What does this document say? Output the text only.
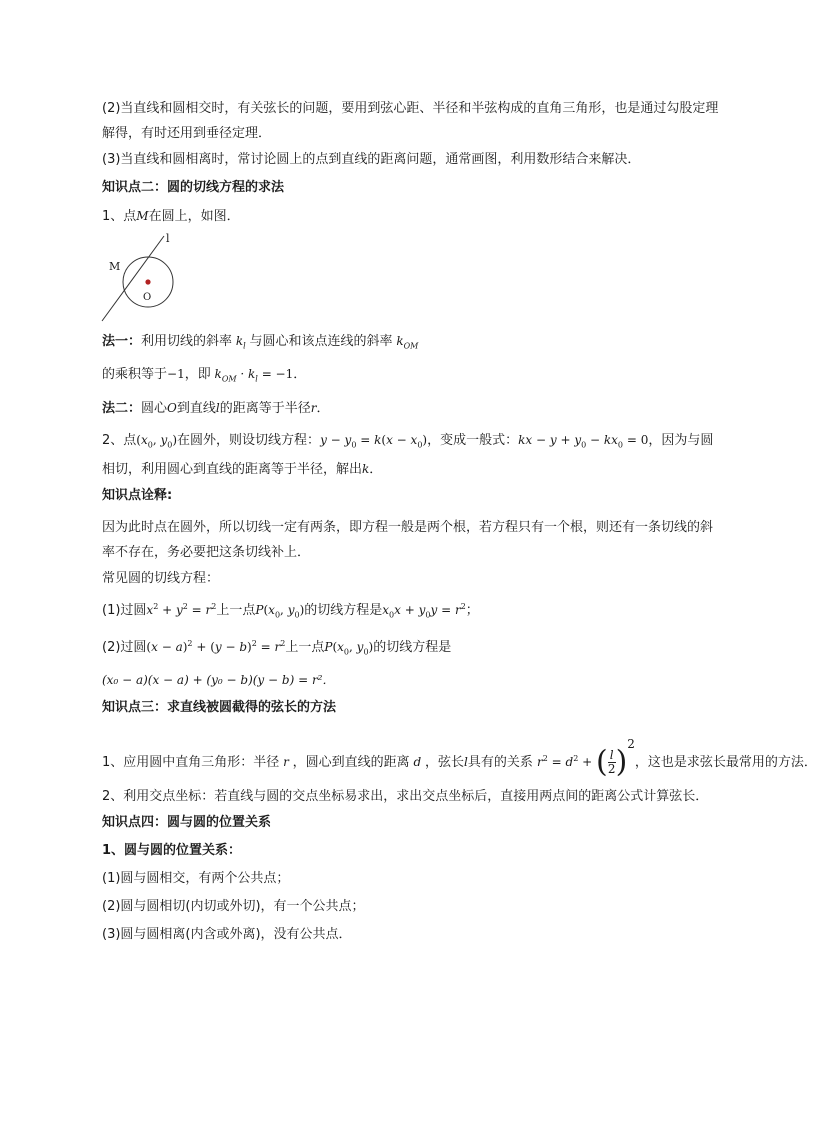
(2)当直线和圆相交时，有关弦长的问题，要用到弦心距、半径和半弦构成的直角三角形，也是通过勾股定理解得，有时还用到垂径定理．
(3)当直线和圆相离时，常讨论圆上的点到直线的距离问题，通常画图，利用数形结合来解决．
知识点二：圆的切线方程的求法
1、点M在圆上，如图．
l
M
O
法一：利用切线的斜率 $k_l$ 与圆心和该点连线的斜率 $k_{OM}$
的乘积等于−1，即 $k_{OM} \cdot k_l = -1$．
法二：圆心O到直线l的距离等于半径r．
2、点($x_0$, $y_0$)在圆外，则设切线方程：$y - y_0 = k(x - x_0)$，变成一般式：kx − $y + y_0 - kx_0 = 0$，因为与圆相切，利用圆心到直线的距离等于半径，解出k．
知识点诠释:
因为此时点在圆外，所以切线一定有两条，即方程一般是两个根，若方程只有一个根，则还有一条切线的斜率不存在，务必要把这条切线补上．
常见圆的切线方程：
(1)过圆$x^2 + y^2 = r^2$上一点$P(x_0$, $y_0$)的切线方程是$x_0x + y_0y = r^2$；
(2)过圆$(x - a)^2 + (y - b)^2 = r^2$上一点$P(x_0$, $y_0$)的切线方程是
(x₀ − a)(x − a) + (y₀ − b)(y − b) = r²．
知识点三：求直线被圆截得的弦长的方法
1、应用圆中直角三角形：半径 r ，圆心到直线的距离 d ，弦长l具有的关系 $r^2 = d^2$ + ( $\frac{l}{2})^2$，这也是求弦长最常用的方法．
2、利用交点坐标：若直线与圆的交点坐标易求出，求出交点坐标后，直接用两点间的距离公式计算弦长．
知识点四：圆与圆的位置关系
1、圆与圆的位置关系：
(1)圆与圆相交，有两个公共点；
(2)圆与圆相切(内切或外切)，有一个公共点；
(3)圆与圆相离(内含或外离)，没有公共点．
